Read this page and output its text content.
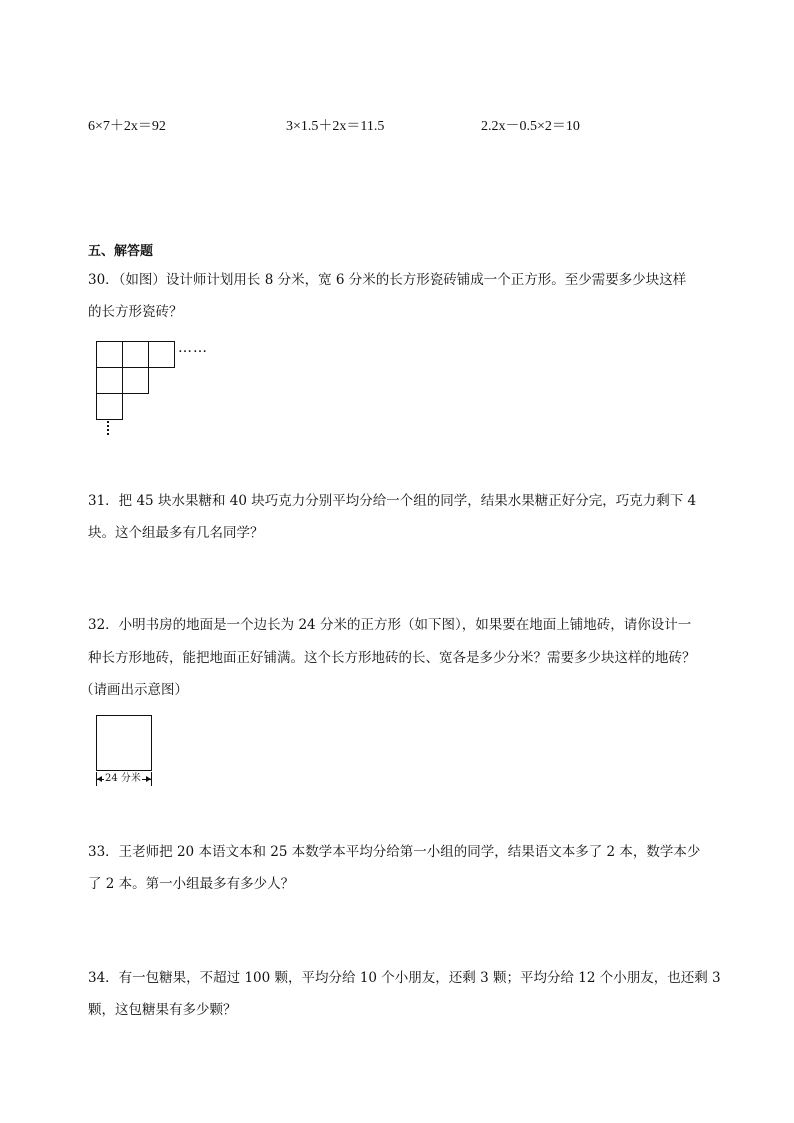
6×7＋2x＝92	3×1.5＋2x＝11.5	2.2x－0.5×2＝10
五、解答题
30．（如图）设计师计划用长 8 分米，宽 6 分米的长方形瓷砖铺成一个正方形。至少需要多少块这样
的长方形瓷砖？
……
31．把 45 块水果糖和 40 块巧克力分别平均分给一个组的同学，结果水果糖正好分完，巧克力剩下 4
块。这个组最多有几名同学？
32．小明书房的地面是一个边长为 24 分米的正方形（如下图），如果要在地面上铺地砖，请你设计一
种长方形地砖，能把地面正好铺满。这个长方形地砖的长、宽各是多少分米？需要多少块这样的地砖？
（请画出示意图）
24 分米
33．王老师把 20 本语文本和 25 本数学本平均分给第一小组的同学，结果语文本多了 2 本，数学本少
了 2 本。第一小组最多有多少人？
34．有一包糖果，不超过 100 颗，平均分给 10 个小朋友，还剩 3 颗；平均分给 12 个小朋友，也还剩 3
颗，这包糖果有多少颗？
